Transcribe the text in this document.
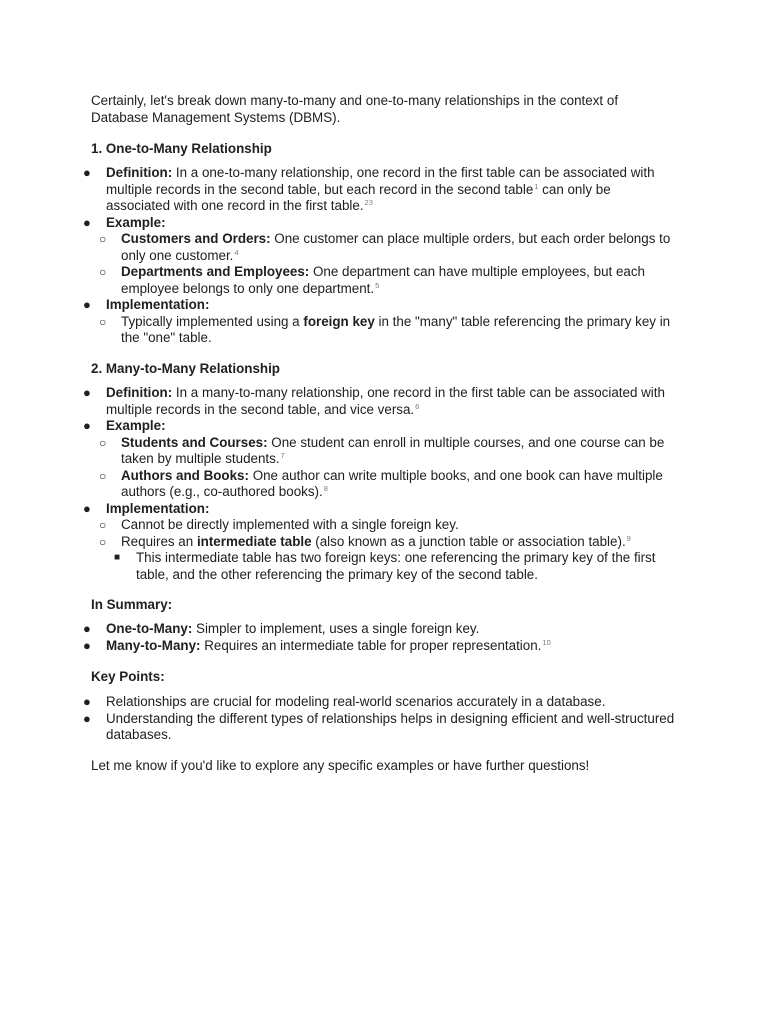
Certainly, let's break down many-to-many and one-to-many relationships in the context of Database Management Systems (DBMS).

1. One-to-Many Relationship

● Definition: In a one-to-many relationship, one record in the first table can be associated with multiple records in the second table, but each record in the second table$^1$ can only be associated with one record in the first table.$^{23}$
● Example:
○ Customers and Orders: One customer can place multiple orders, but each order belongs to only one customer.$^4$
○ Departments and Employees: One department can have multiple employees, but each employee belongs to only one department.$^5$
● Implementation:
○ Typically implemented using a foreign key in the "many" table referencing the primary key in the "one" table.

2. Many-to-Many Relationship

● Definition: In a many-to-many relationship, one record in the first table can be associated with multiple records in the second table, and vice versa.$^6$
● Example:
○ Students and Courses: One student can enroll in multiple courses, and one course can be taken by multiple students.$^7$
○ Authors and Books: One author can write multiple books, and one book can have multiple authors (e.g., co-authored books).$^8$
● Implementation:
○ Cannot be directly implemented with a single foreign key.
○ Requires an intermediate table (also known as a junction table or association table).$^9$
■ This intermediate table has two foreign keys: one referencing the primary key of the first table, and the other referencing the primary key of the second table.

In Summary:

● One-to-Many: Simpler to implement, uses a single foreign key.
● Many-to-Many: Requires an intermediate table for proper representation.$^{10}$

Key Points:

● Relationships are crucial for modeling real-world scenarios accurately in a database.
● Understanding the different types of relationships helps in designing efficient and well-structured databases.

Let me know if you'd like to explore any specific examples or have further questions!
